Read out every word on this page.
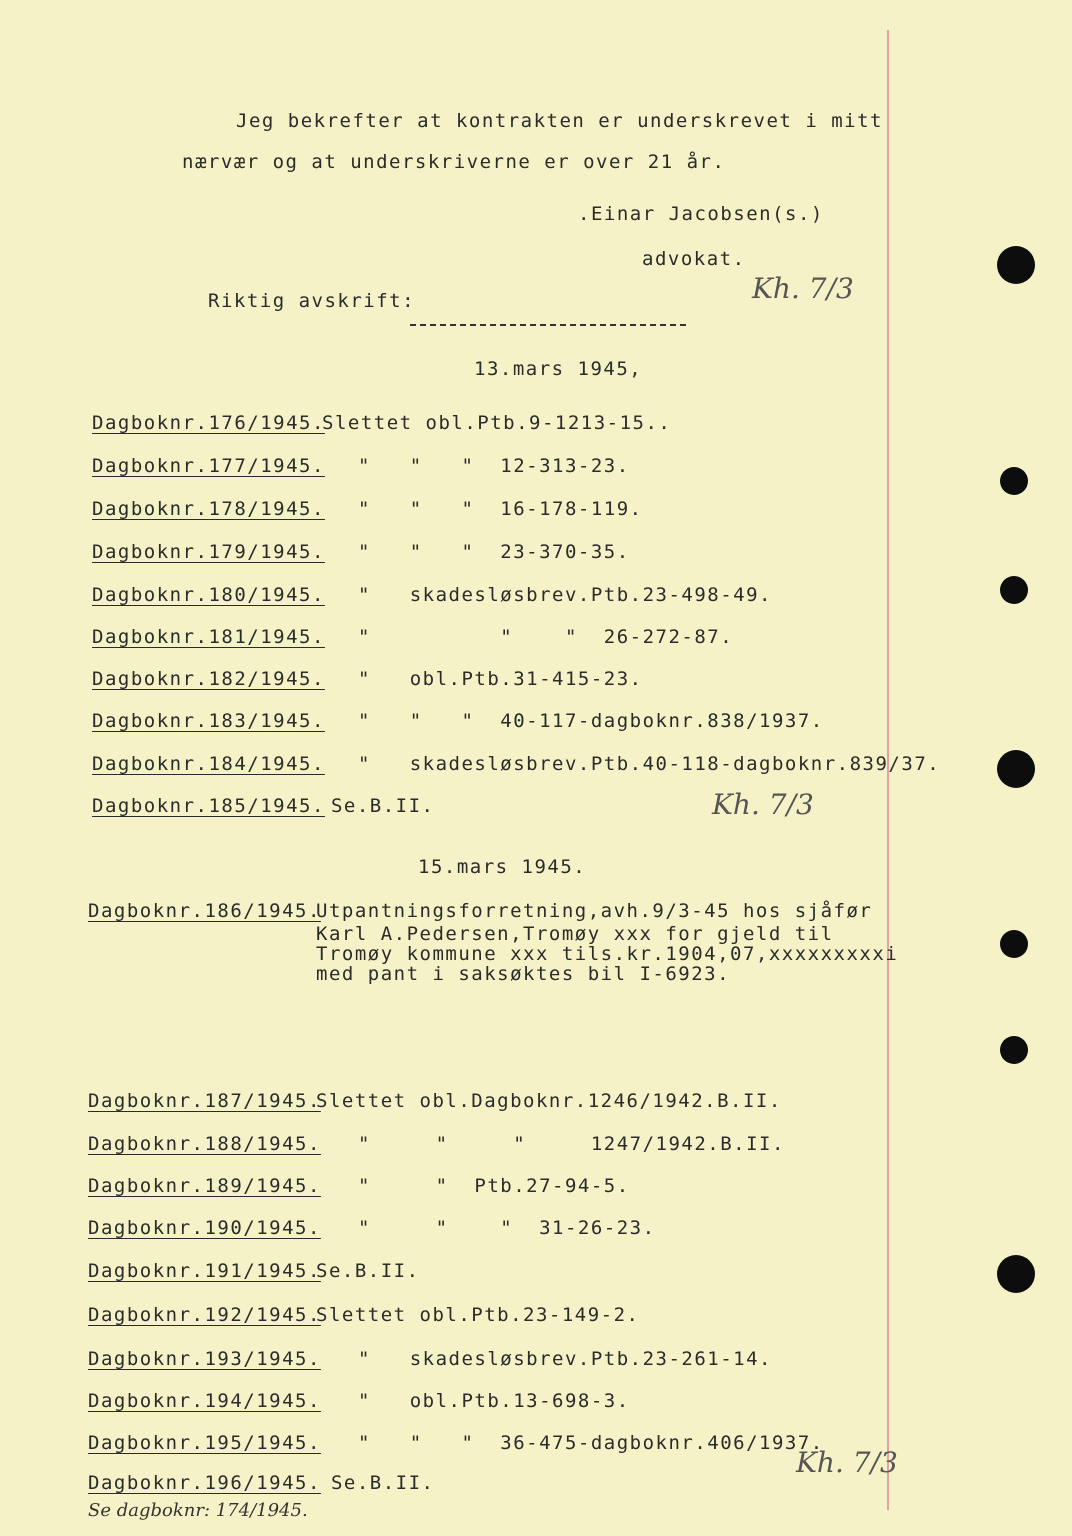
Jeg bekrefter at kontrakten er underskrevet i mitt
nærvær og at underskriverne er over 21 år.
.Einar Jacobsen(s.)
advokat.
Riktig avskrift:	Kh. 7/3
13.mars 1945,
Dagboknr.176/1945.
Slettet obl.Ptb.9-1213-15..
Dagboknr.177/1945. "   "   "  12-313-23.
Dagboknr.178/1945. "   "   "  16-178-119.
Dagboknr.179/1945. "   "   "  23-370-35.
Dagboknr.180/1945. "   skadesløsbrev.Ptb.23-498-49.
Dagboknr.181/1945. "          "    "  26-272-87.
Dagboknr.182/1945. "   obl.Ptb.31-415-23.
Dagboknr.183/1945. "   "   "  40-117-dagboknr.838/1937.
Dagboknr.184/1945. "   skadesløsbrev.Ptb.40-118-dagboknr.839/37.
Dagboknr.185/1945.
Se.B.II.	Kh. 7/3
15.mars 1945.
Dagboknr.186/1945.
Utpantningsforretning,avh.9/3-45 hos sjåfør
Karl A.Pedersen,Tromøy xxx for gjeld til
Tromøy kommune xxx tils.kr.1904,07,xxxxxxxxxi
med pant i saksøktes bil I-6923.
Dagboknr.187/1945.
Slettet obl.Dagboknr.1246/1942.B.II.
Dagboknr.188/1945. "     "     "     1247/1942.B.II.
Dagboknr.189/1945. "     "  Ptb.27-94-5.
Dagboknr.190/1945. "     "    "  31-26-23.
Dagboknr.191/1945.
Se.B.II.
Dagboknr.192/1945.
Slettet obl.Ptb.23-149-2.
Dagboknr.193/1945. "   skadesløsbrev.Ptb.23-261-14.
Dagboknr.194/1945. "   obl.Ptb.13-698-3.
Dagboknr.195/1945. "   "   "  36-475-dagboknr.406/1937.
Dagboknr.196/1945.
Se.B.II.
Kh. 7/3
Se dagboknr: 174/1945.
